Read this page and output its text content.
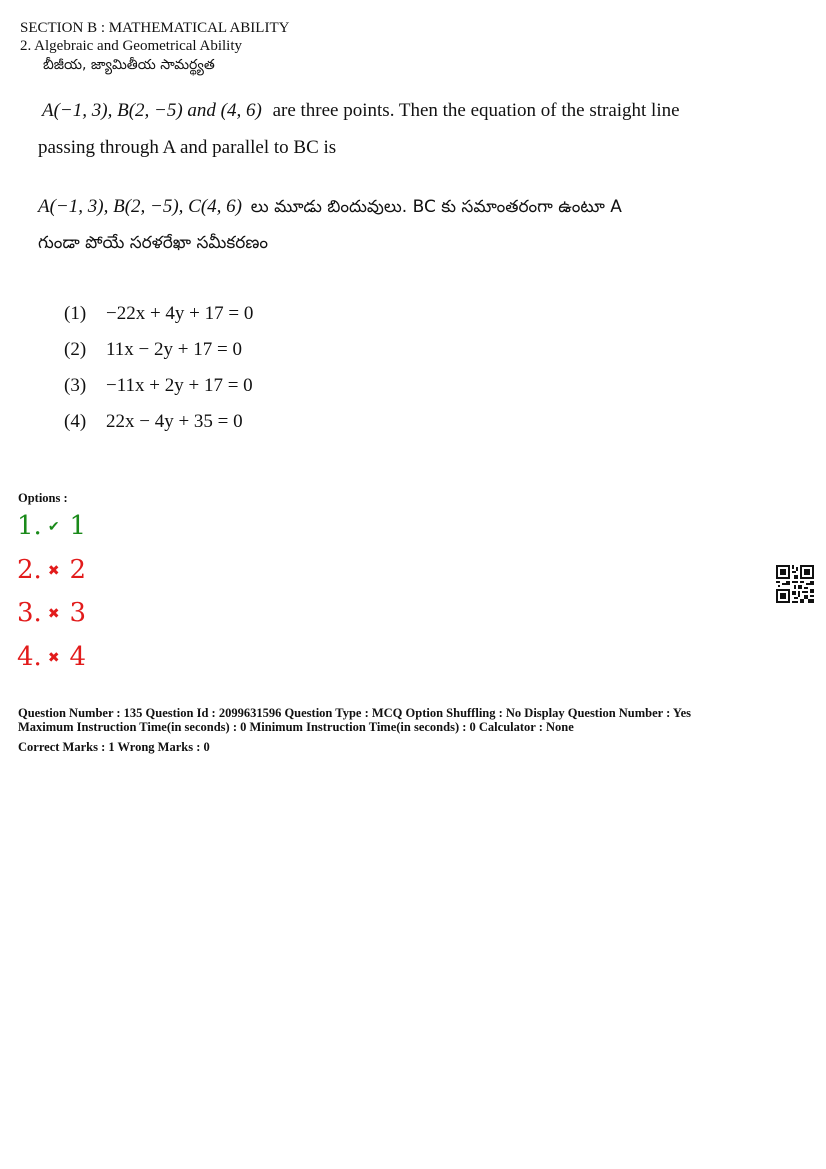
SECTION B : MATHEMATICAL ABILITY
2. Algebraic and Geometrical Ability
బీజీయ, జ్యామితీయ సామర్థ్యత
A(−1, 3), B(2, −5) and (4, 6) are three points. Then the equation of the straight line
passing through A and parallel to BC is
A(−1, 3), B(2, −5), C(4, 6) లు మూడు బిందువులు. BC కు సమాంతరంగా ఉంటూ A
గుండా పోయే సరళరేఖా సమీకరణం
(1) −22x + 4y + 17 = 0
(2) 11x − 2y + 17 = 0
(3) −11x + 2y + 17 = 0
(4) 22x − 4y + 35 = 0
Options :
1. ✔ 1
2. ✖ 2
3. ✖ 3
4. ✖ 4
Question Number : 135 Question Id : 2099631596 Question Type : MCQ Option Shuffling : No Display Question Number : Yes
Maximum Instruction Time(in seconds) : 0 Minimum Instruction Time(in seconds) : 0 Calculator : None
Correct Marks : 1 Wrong Marks : 0
